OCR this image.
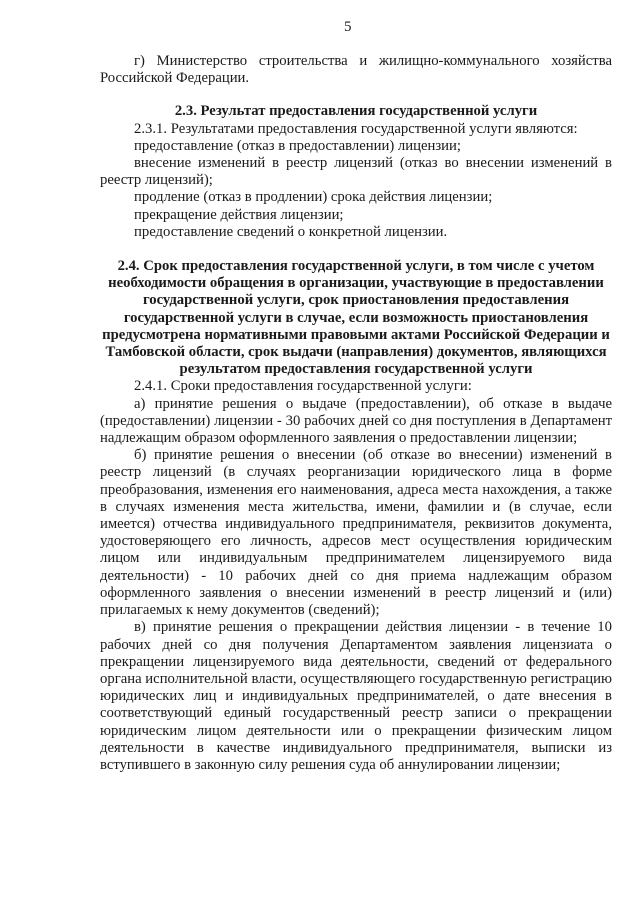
5

г) Министерство строительства и жилищно-коммунального хозяйства Российской Федерации.

2.3. Результат предоставления государственной услуги

2.3.1. Результатами предоставления государственной услуги являются:

предоставление (отказ в предоставлении) лицензии;

внесение изменений в реестр лицензий (отказ во внесении изменений в реестр лицензий);

продление (отказ в продлении) срока действия лицензии;

прекращение действия лицензии;

предоставление сведений о конкретной лицензии.

2.4. Срок предоставления государственной услуги, в том числе с учетом необходимости обращения в организации, участвующие в предоставлении государственной услуги, срок приостановления предоставления государственной услуги в случае, если возможность приостановления предусмотрена нормативными правовыми актами Российской Федерации и Тамбовской области, срок выдачи (направления) документов, являющихся результатом предоставления государственной услуги

2.4.1. Сроки предоставления государственной услуги:

а) принятие решения о выдаче (предоставлении), об отказе в выдаче (предоставлении) лицензии - 30 рабочих дней со дня поступления в Департамент надлежащим образом оформленного заявления о предоставлении лицензии;

б) принятие решения о внесении (об отказе во внесении) изменений в реестр лицензий (в случаях реорганизации юридического лица в форме преобразования, изменения его наименования, адреса места нахождения, а также в случаях изменения места жительства, имени, фамилии и (в случае, если имеется) отчества индивидуального предпринимателя, реквизитов документа, удостоверяющего его личность, адресов мест осуществления юридическим лицом или индивидуальным предпринимателем лицензируемого вида деятельности) - 10 рабочих дней со дня приема надлежащим образом оформленного заявления о внесении изменений в реестр лицензий и (или) прилагаемых к нему документов (сведений);

в) принятие решения о прекращении действия лицензии - в течение 10 рабочих дней со дня получения Департаментом заявления лицензиата о прекращении лицензируемого вида деятельности, сведений от федерального органа исполнительной власти, осуществляющего государственную регистрацию юридических лиц и индивидуальных предпринимателей, о дате внесения в соответствующий единый государственный реестр записи о прекращении юридическим лицом деятельности или о прекращении физическим лицом деятельности в качестве индивидуального предпринимателя, выписки из вступившего в законную силу решения суда об аннулировании лицензии;
